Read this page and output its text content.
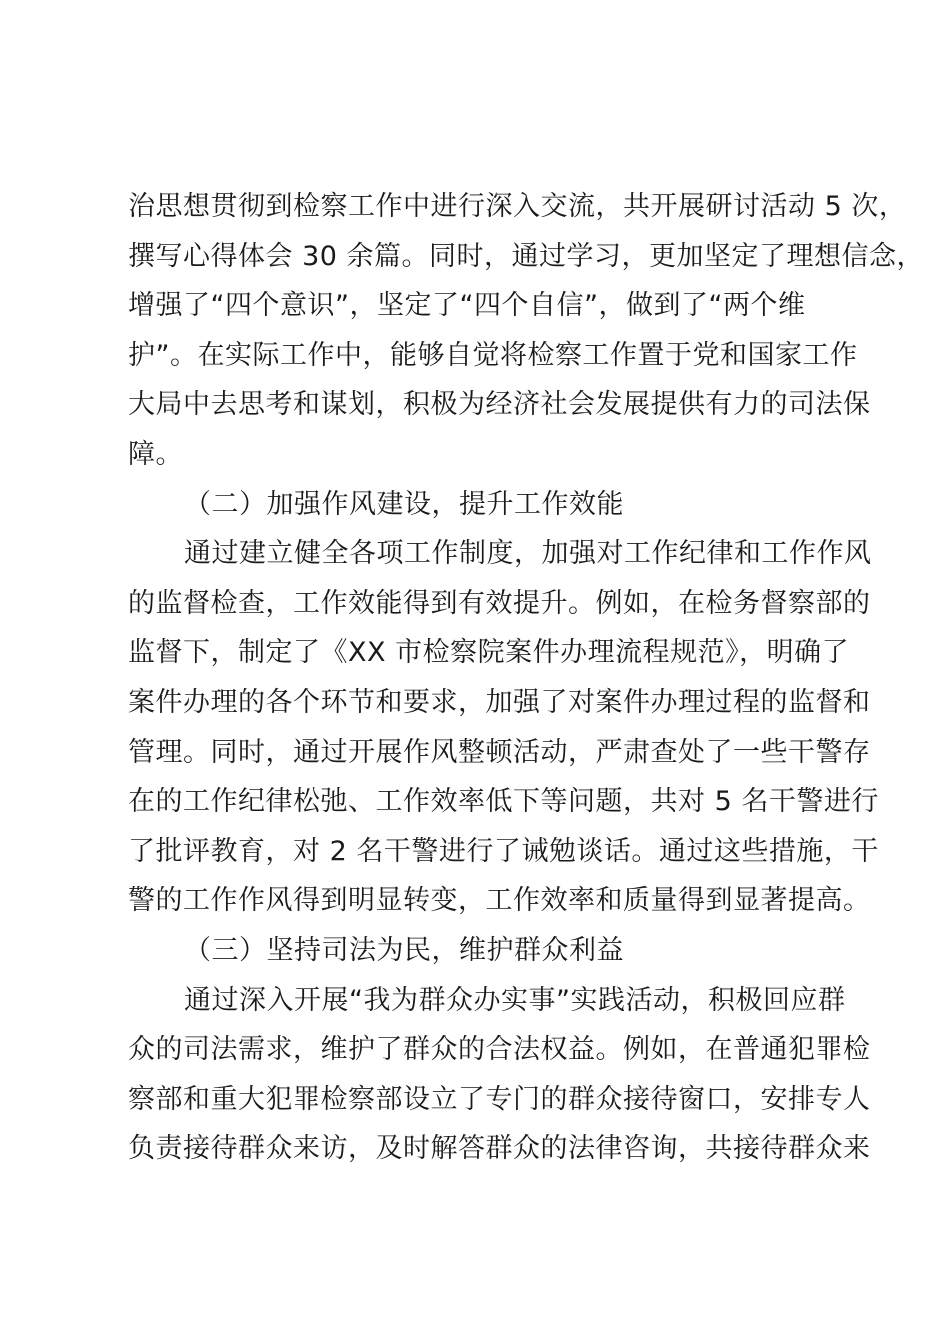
治思想贯彻到检察工作中进行深入交流，共开展研讨活动 5 次，
撰写心得体会 30 余篇。同时，通过学习，更加坚定了理想信念，
增强了“四个意识”，坚定了“四个自信”，做到了“两个维
护”。在实际工作中，能够自觉将检察工作置于党和国家工作
大局中去思考和谋划，积极为经济社会发展提供有力的司法保
障。
（二）加强作风建设，提升工作效能
通过建立健全各项工作制度，加强对工作纪律和工作作风
的监督检查，工作效能得到有效提升。例如，在检务督察部的
监督下，制定了《XX 市检察院案件办理流程规范》，明确了
案件办理的各个环节和要求，加强了对案件办理过程的监督和
管理。同时，通过开展作风整顿活动，严肃查处了一些干警存
在的工作纪律松弛、工作效率低下等问题，共对 5 名干警进行
了批评教育，对 2 名干警进行了诫勉谈话。通过这些措施，干
警的工作作风得到明显转变，工作效率和质量得到显著提高。
（三）坚持司法为民，维护群众利益
通过深入开展“我为群众办实事”实践活动，积极回应群
众的司法需求，维护了群众的合法权益。例如，在普通犯罪检
察部和重大犯罪检察部设立了专门的群众接待窗口，安排专人
负责接待群众来访，及时解答群众的法律咨询，共接待群众来
